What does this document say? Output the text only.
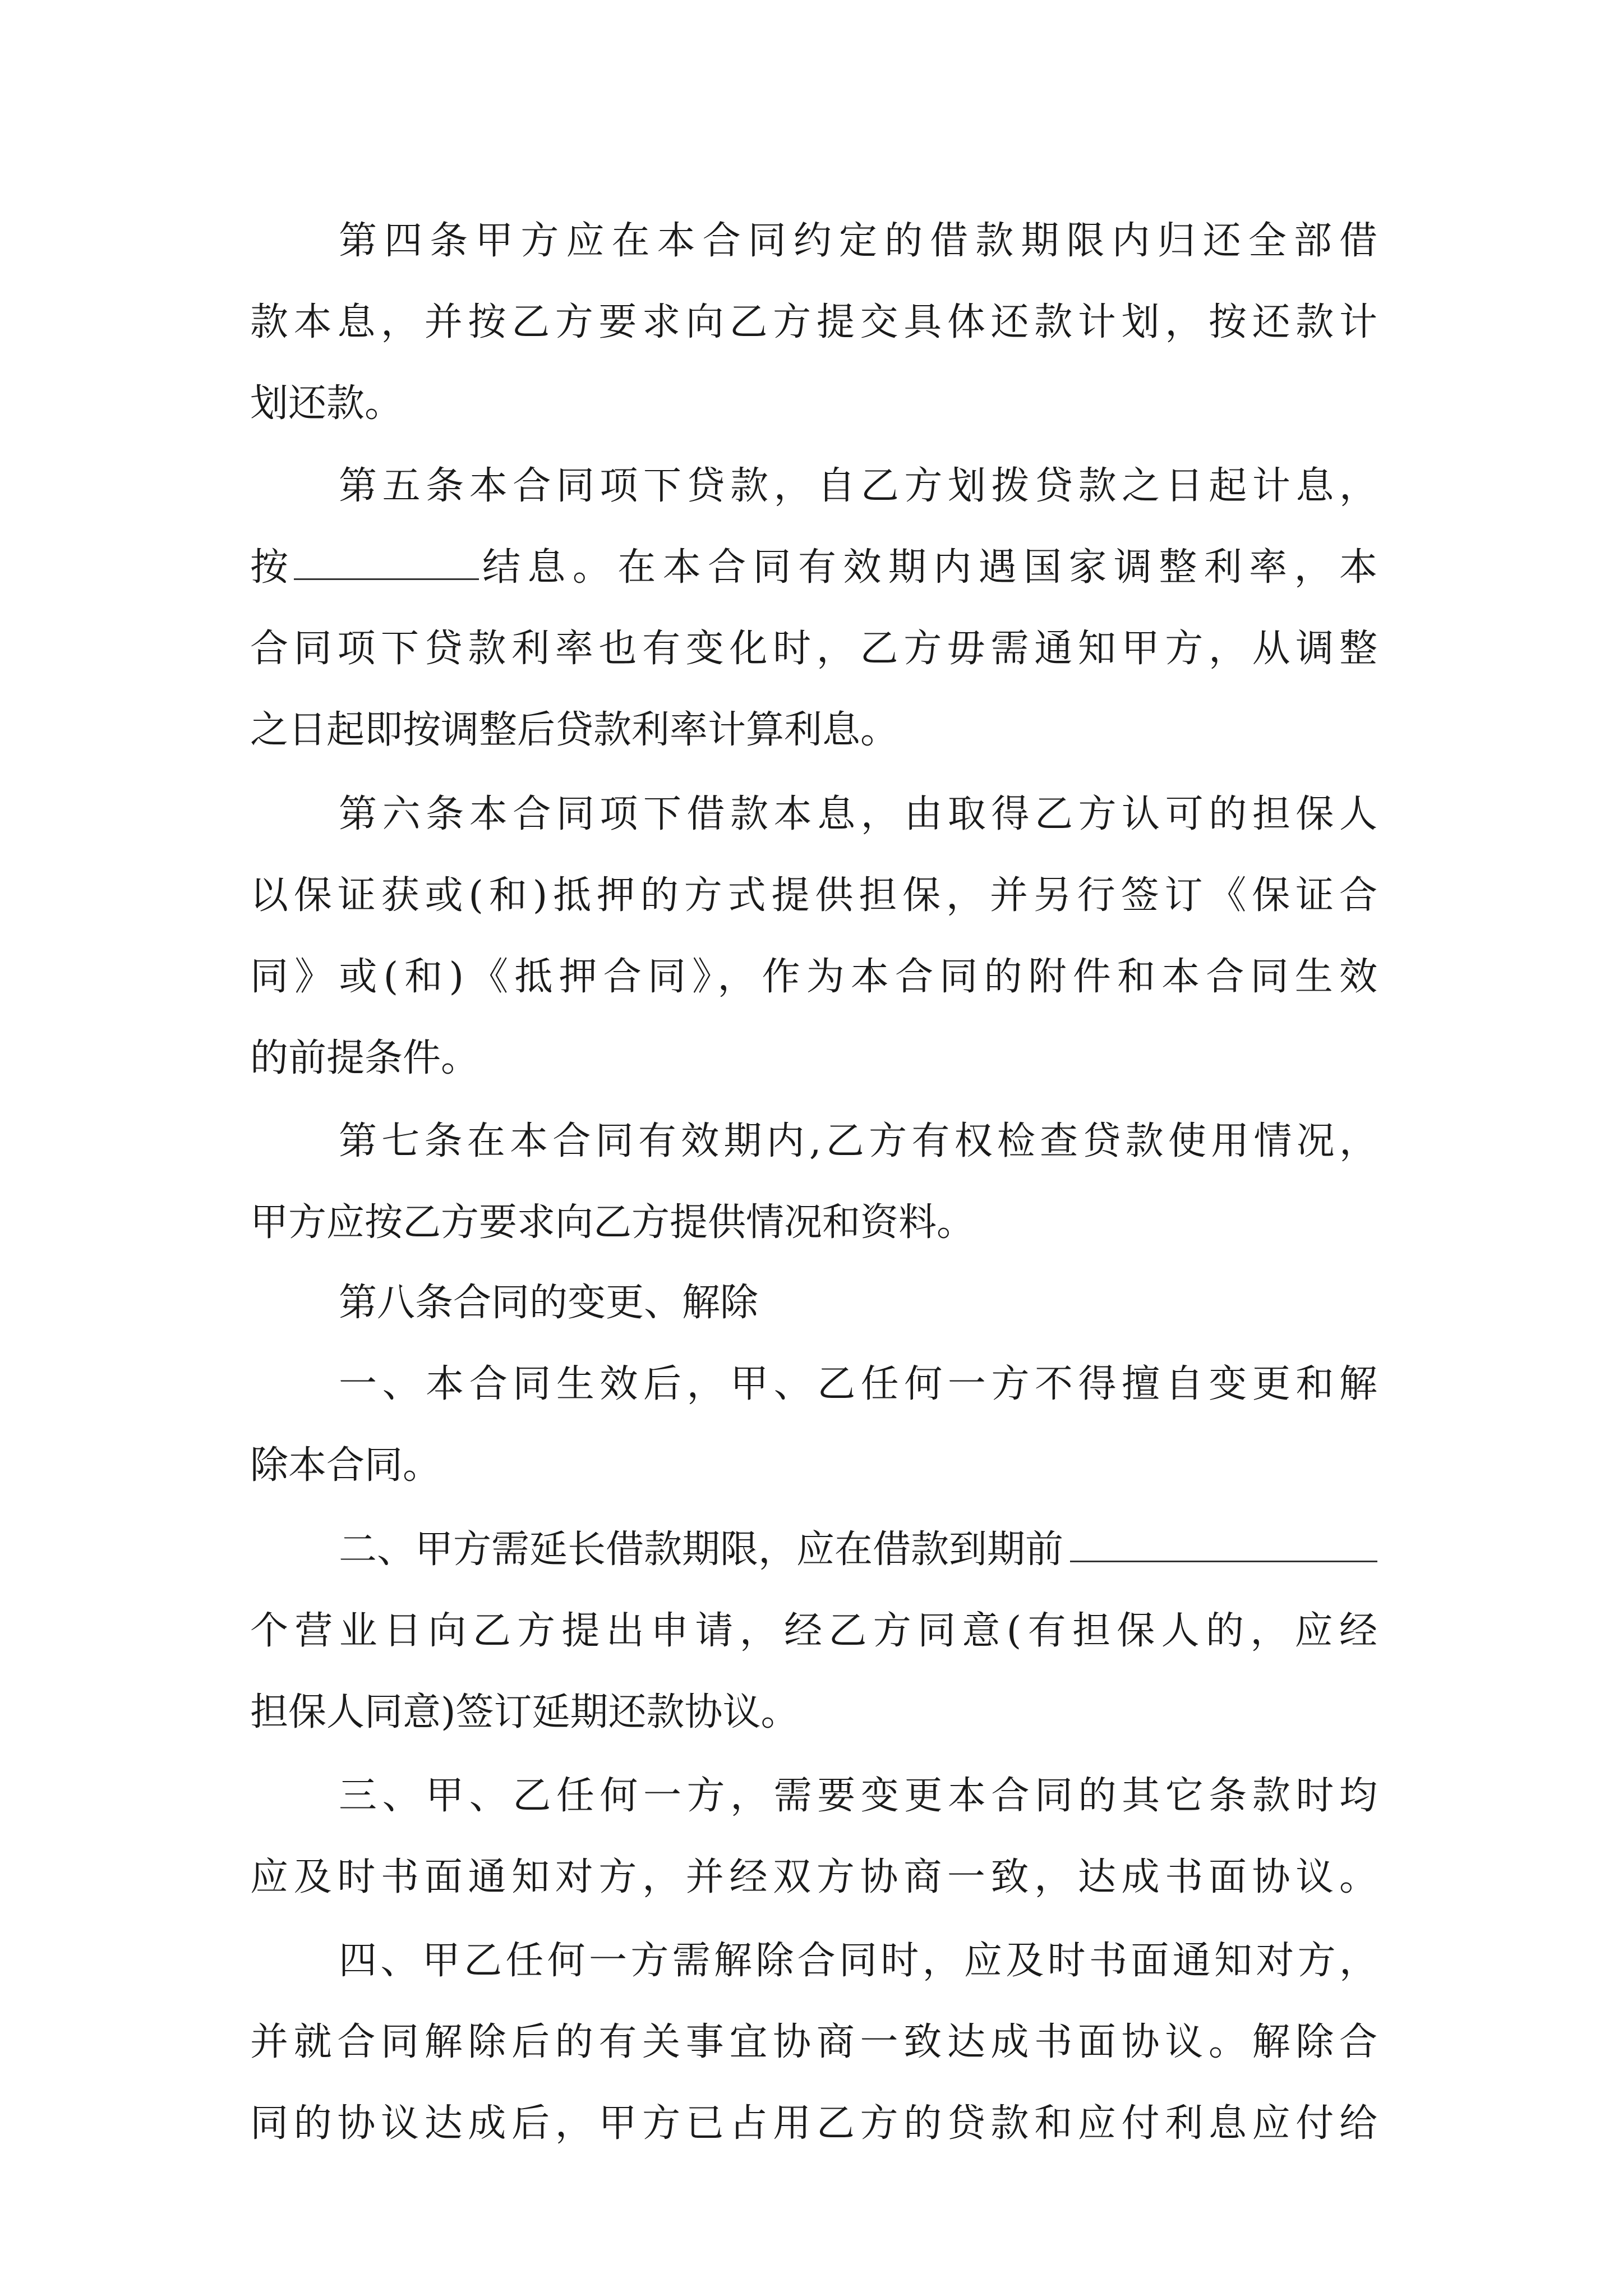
第四条甲方应在本合同约定的借款期限内归还全部借
款本息，并按乙方要求向乙方提交具体还款计划，按还款计
划还款。
第五条本合同项下贷款，自乙方划拨贷款之日起计息，
按	结息。在本合同有效期内遇国家调整利率，本
合同项下贷款利率也有变化时，乙方毋需通知甲方，从调整
之日起即按调整后贷款利率计算利息。
第六条本合同项下借款本息，由取得乙方认可的担保人
以保证获或(和)抵押的方式提供担保，并另行签订《保证合
同》或(和)《抵押合同》，作为本合同的附件和本合同生效
的前提条件。
第七条在本合同有效期内,乙方有权检查贷款使用情况，
甲方应按乙方要求向乙方提供情况和资料。
第八条合同的变更、解除
一、本合同生效后，甲、乙任何一方不得擅自变更和解
除本合同。
二、甲方需延长借款期限，应在借款到期前
个营业日向乙方提出申请，经乙方同意(有担保人的，应经
担保人同意)签订延期还款协议。
三、甲、乙任何一方，需要变更本合同的其它条款时均
应及时书面通知对方，并经双方协商一致，达成书面协议。
四、甲乙任何一方需解除合同时，应及时书面通知对方，
并就合同解除后的有关事宜协商一致达成书面协议。解除合
同的协议达成后，甲方已占用乙方的贷款和应付利息应付给
